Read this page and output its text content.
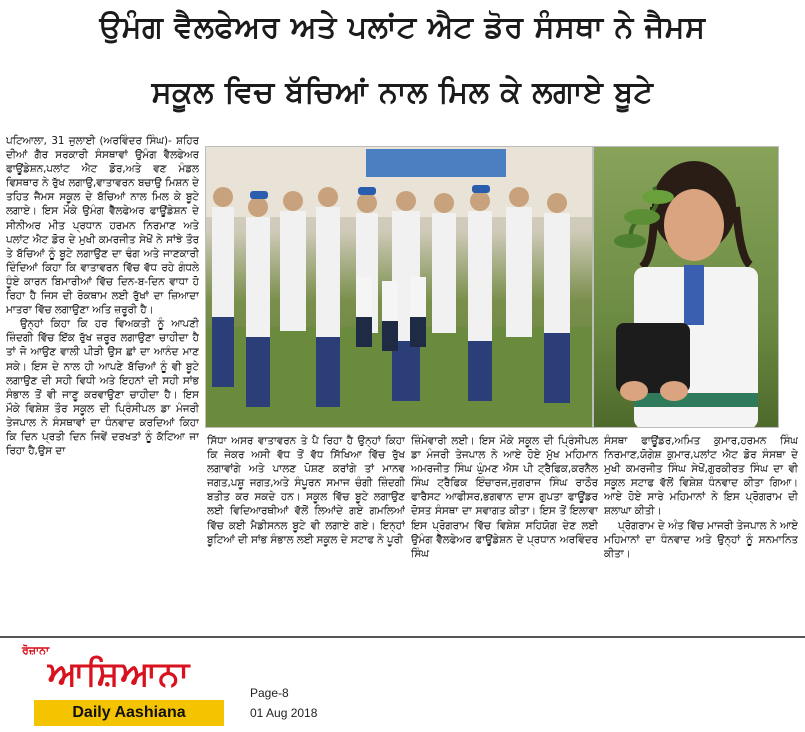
ਉਮੰਗ ਵੈਲਫੇਅਰ ਅਤੇ ਪਲਾਂਟ ਐਟ ਡੋਰ ਸੰਸਥਾ ਨੇ ਜੈਮਸ
ਸਕੂਲ ਵਿਚ ਬੱਚਿਆਂ ਨਾਲ ਮਿਲ ਕੇ ਲਗਾਏ ਬੂਟੇ

ਪਟਿਆਲਾ, 31 ਜੁਲਾਈ (ਅਰਵਿੰਦਰ ਸਿੰਘ)- ਸ਼ਹਿਰ ਦੀਆਂ ਗੈਰ ਸਰਕਾਰੀ ਸੰਸਥਾਵਾਂ ਉਮੰਗ ਵੈਲਫੇਅਰ ਫਾਊਂਡੇਸ਼ਨ,ਪਲਾਂਟ ਐਟ ਡੋਰ,ਅਤੇ ਵਣ ਮੰਡਲ ਵਿਸਥਾਰ ਨੇ ਰੁੱਖ ਲਗਾਉ,ਵਾਤਾਵਰਨ ਬਚਾਉ ਮਿਸ਼ਨ ਦੇ ਤਹਿਤ ਜੈਮਸ ਸਕੂਲ ਦੇ ਬੱਚਿਆਂ ਨਾਲ ਮਿਲ ਕੇ ਬੂਟੇ ਲਗਾਏ। ਇਸ ਮੌਕੇ ਉਮੰਗ ਵੈੱਲਫੇਅਰ ਫਾਊਂਡੇਸ਼ਨ ਦੇ ਸੀਨੀਅਰ ਮੀਤ ਪ੍ਰਧਾਨ ਹਰਮਨ ਨਿਰਮਾਣ ਅਤੇ ਪਲਾਂਟ ਐਟ ਡੋਰ ਦੇ ਮੁਖੀ ਕਮਰਜੀਤ ਸੇਖੋਂ ਨੇ ਸਾਂਝੇ ਤੌਰ ਤੇ ਬੱਚਿਆਂ ਨੂੰ ਬੂਟੇ ਲਗਾਉਣ ਦਾ ਢੰਗ ਅਤੇ ਜਾਣਕਾਰੀ ਦਿੰਦਿਆਂ ਕਿਹਾ ਕਿ ਵਾਤਾਵਰਨ ਵਿੱਚ ਵੱਧ ਰਹੇ ਗੰਧਲੇ ਧੂੰਏ ਕਾਰਨ ਬਿਮਾਰੀਆਂ ਵਿੱਚ ਦਿਨ-ਬ-ਦਿਨ ਵਾਧਾ ਹੋ ਰਿਹਾ ਹੈ ਜਿਸ ਦੀ ਰੋਕਥਾਮ ਲਈ ਰੁੱਖਾਂ ਦਾ ਜ਼ਿਆਦਾ ਮਾਤਰਾ ਵਿੱਚ ਲਗਾਉਣਾ ਅਤਿ ਜ਼ਰੂਰੀ ਹੈ।

ਉਨ੍ਹਾਂ ਕਿਹਾ ਕਿ ਹਰ ਵਿਅਕਤੀ ਨੂੰ ਆਪਣੀ ਜ਼ਿੰਦਗੀ ਵਿੱਚ ਇੱਕ ਰੁੱਖ ਜ਼ਰੂਰ ਲਗਾਉਣਾ ਚਾਹੀਦਾ ਹੈ ਤਾਂ ਜੋ ਆਉਣ ਵਾਲੀ ਪੀੜੀ ਉਸ ਛਾਂ ਦਾ ਆਨੰਦ ਮਾਣ ਸਕੇ। ਇਸ ਦੇ ਨਾਲ ਹੀ ਆਪਣੇ ਬੱਚਿਆਂ ਨੂੰ ਵੀ ਬੂਟੇ ਲਗਾਉਣ ਦੀ ਸਹੀ ਵਿਧੀ ਅਤੇ ਇਹਨਾਂ ਦੀ ਸਹੀ ਸਾਂਭ ਸੰਭਾਲ ਤੋਂ ਵੀ ਜਾਣੂ ਕਰਵਾਉਣਾ ਚਾਹੀਦਾ ਹੈ। ਇਸ ਮੌਕੇ ਵਿਸ਼ੇਸ਼ ਤੌਰ ਸਕੂਲ ਦੀ ਪ੍ਰਿੰਸੀਪਲ ਡਾ ਮੰਜਰੀ ਤੇਜਪਾਲ ਨੇ ਸੰਸਥਾਵਾਂ ਦਾ ਧੰਨਵਾਦ ਕਰਦਿਆਂ ਕਿਹਾ ਕਿ ਦਿਨ ਪ੍ਰਤੀ ਦਿਨ ਜਿਵੇਂ ਦਰਖਤਾਂ ਨੂੰ ਕੱਟਿਆ ਜਾ ਰਿਹਾ ਹੈ,ਉਸ ਦਾ

ਸਿੱਧਾ ਅਸਰ ਵਾਤਾਵਰਨ ਤੇ ਪੈ ਰਿਹਾ ਹੈ ਉਨ੍ਹਾਂ ਕਿਹਾ ਕਿ ਜੇਕਰ ਅਸੀ ਵੱਧ ਤੋਂ ਵੱਧ ਸਿੱਖਿਆ ਵਿੱਚ ਰੁੱਖ ਲਗਾਵਾਂਗੇ ਅਤੇ ਪਾਲਣ ਪੋਸ਼ਣ ਕਰਾਂਗੇ ਤਾਂ ਮਾਨਵ ਜਗਤ,ਪਸ਼ੂ ਜਗਤ,ਅਤੇ ਸੰਪੂਰਨ ਸਮਾਜ ਚੰਗੀ ਜ਼ਿੰਦਗੀ ਬਤੀਤ ਕਰ ਸਕਦੇ ਹਨ। ਸਕੂਲ ਵਿੱਚ ਬੂਟੇ ਲਗਾਉਣ ਲਈ ਵਿਦਿਆਰਥੀਆਂ ਵੱਲੋਂ ਲਿਆਂਦੇ ਗਏ ਗਮਲਿਆਂ ਵਿੱਚ ਕਈ ਮੈਡੀਸਨਲ ਬੂਟੇ ਵੀ ਲਗਾਏ ਗਏ। ਇਨ੍ਹਾਂ ਬੂਟਿਆਂ ਦੀ ਸਾਂਭ ਸੰਭਾਲ ਲਈ ਸਕੂਲ ਦੇ ਸਟਾਫ ਨੇ ਪੂਰੀ

ਜ਼ਿੰਮੇਵਾਰੀ ਲਈ। ਇਸ ਮੌਕੇ ਸਕੂਲ ਦੀ ਪ੍ਰਿੰਸੀਪਲ ਡਾ ਮੰਜਰੀ ਤੇਜਪਾਲ ਨੇ ਆਏ ਹੋਏ ਮੁੱਖ ਮਹਿਮਾਨ ਅਮਰਜੀਤ ਸਿੰਘ ਘੁੰਮਣ ਐਸ ਪੀ ਟ੍ਰੈਫਿਕ,ਕਰਨੈਲ ਸਿੰਘ ਟ੍ਰੈਫਿਕ ਇੰਚਾਰਜ,ਜੁਗਰਾਜ ਸਿੰਘ ਰਾਠੌਰ ਫਾਰੈਸਟ ਆਫੀਸਰ,ਭਗਵਾਨ ਦਾਸ ਗੁਪਤਾ ਫਾਊਂਡਰ ਦੋਸਤ ਸੰਸਥਾ ਦਾ ਸਵਾਗਤ ਕੀਤਾ। ਇਸ ਤੋਂ ਇਲਾਵਾ ਇਸ ਪ੍ਰੋਗਰਾਮ ਵਿੱਚ ਵਿਸ਼ੇਸ਼ ਸਹਿਯੋਗ ਦੇਣ ਲਈ ਉਮੰਗ ਵੈੱਲਫੇਅਰ ਫਾਊਂਡੇਸ਼ਨ ਦੇ ਪ੍ਰਧਾਨ ਅਰਵਿੰਦਰ ਸਿੰਘ

ਸੰਸਥਾ ਫਾਊਂਡਰ,ਅਮਿਤ ਕੁਮਾਰ,ਹਰਮਨ ਸਿੰਘ ਨਿਰਮਾਣ,ਯੋਗੇਸ਼ ਕੁਮਾਰ,ਪਲਾਂਟ ਐਟ ਡੋਰ ਸੰਸਥਾ ਦੇ ਮੁਖੀ ਕਮਰਜੀਤ ਸਿੰਘ ਸੇਖੋਂ,ਗੁਰਕੀਰਤ ਸਿੰਘ ਦਾ ਵੀ ਸਕੂਲ ਸਟਾਫ ਵੱਲੋਂ ਵਿਸ਼ੇਸ਼ ਧੰਨਵਾਦ ਕੀਤਾ ਗਿਆ। ਆਏ ਹੋਏ ਸਾਰੇ ਮਹਿਮਾਨਾਂ ਨੇ ਇਸ ਪ੍ਰੋਗਰਾਮ ਦੀ ਸ਼ਲਾਘਾ ਕੀਤੀ।

ਪ੍ਰੋਗਰਾਮ ਦੇ ਅੰਤ ਵਿੱਚ ਮਾਜਰੀ ਤੇਜਪਾਲ ਨੇ ਆਏ ਮਹਿਮਾਨਾਂ ਦਾ ਧੰਨਵਾਦ ਅਤੇ ਉਨ੍ਹਾਂ ਨੂੰ ਸਨਮਾਨਿਤ ਕੀਤਾ।

ਰੋਜ਼ਾਨਾ
ਆਸ਼ਿਆਨਾ
Daily Aashiana
Page-8
01 Aug 2018
